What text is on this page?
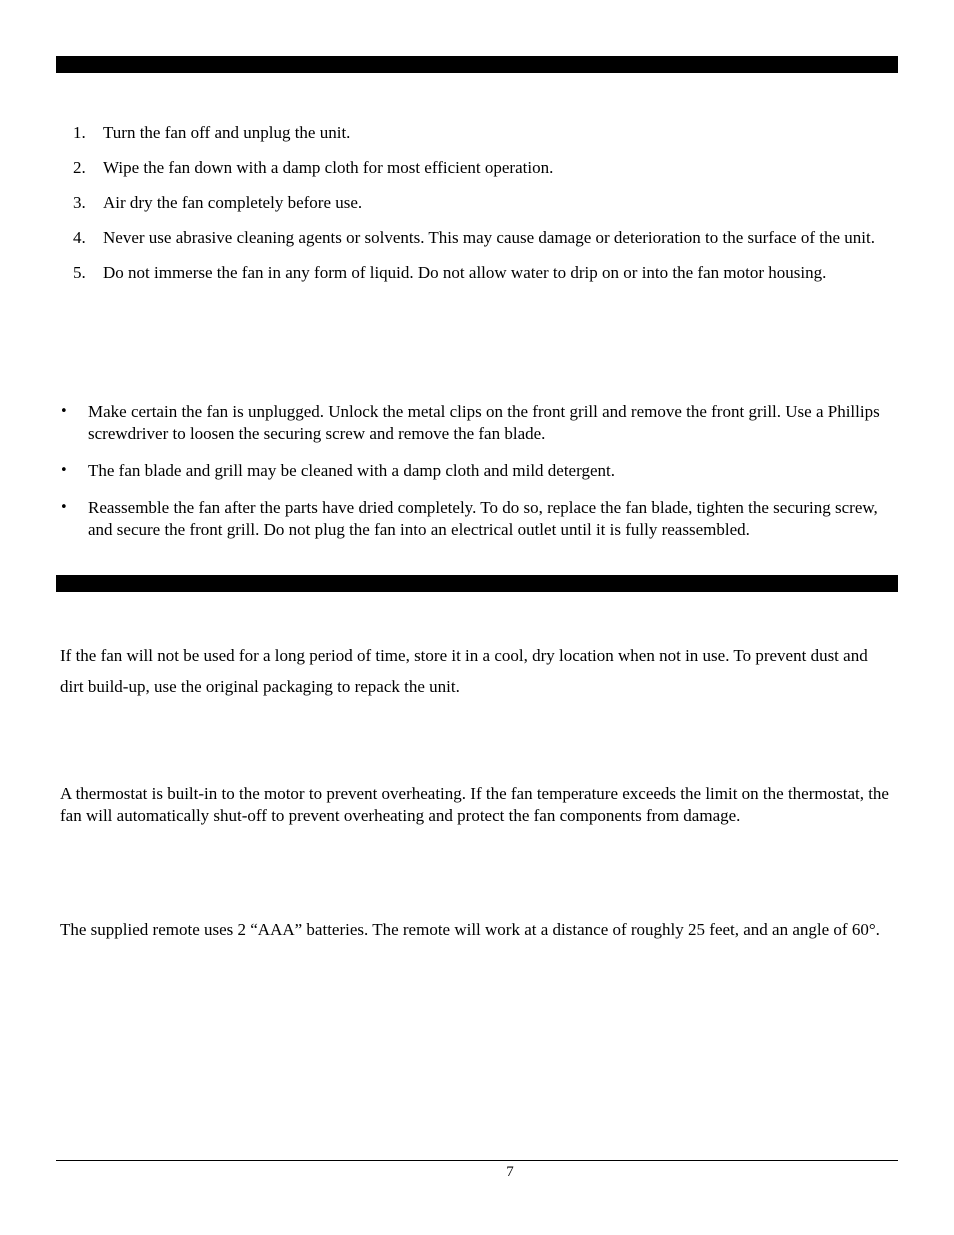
1. Turn the fan off and unplug the unit.
2. Wipe the fan down with a damp cloth for most efficient operation.
3. Air dry the fan completely before use.
4. Never use abrasive cleaning agents or solvents. This may cause damage or deterioration to the surface of the unit.
5. Do not immerse the fan in any form of liquid. Do not allow water to drip on or into the fan motor housing.
• Make certain the fan is unplugged. Unlock the metal clips on the front grill and remove the front grill. Use a Phillips screwdriver to loosen the securing screw and remove the fan blade.
• The fan blade and grill may be cleaned with a damp cloth and mild detergent.
• Reassemble the fan after the parts have dried completely. To do so, replace the fan blade, tighten the securing screw, and secure the front grill. Do not plug the fan into an electrical outlet until it is fully reassembled.

If the fan will not be used for a long period of time, store it in a cool, dry location when not in use. To prevent dust and dirt build-up, use the original packaging to repack the unit.

A thermostat is built-in to the motor to prevent overheating. If the fan temperature exceeds the limit on the thermostat, the fan will automatically shut-off to prevent overheating and protect the fan components from damage.

The supplied remote uses 2 “AAA” batteries. The remote will work at a distance of roughly 25 feet, and an angle of 60°.

7
